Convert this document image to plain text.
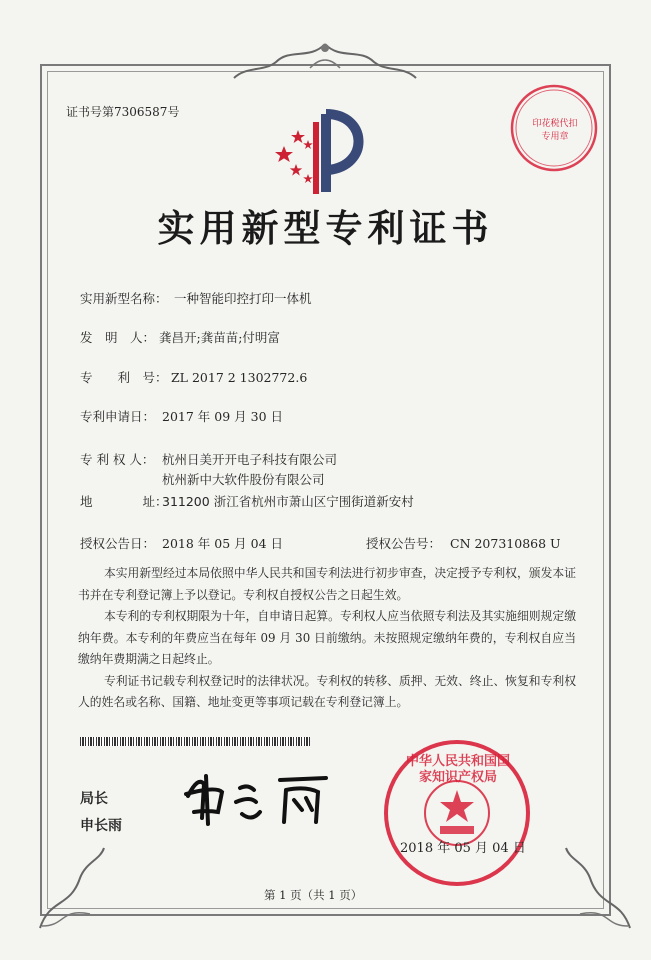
证书号第7306587号
印花税代扣专用章
实用新型专利证书
实用新型名称： 一种智能印控打印一体机
发　明　人： 龚昌开;龚苗苗;付明富
专　　利　号： ZL 2017 2 1302772.6
专利申请日： 2017 年 09 月 30 日
专 利 权 人： 杭州日美开开电子科技有限公司
杭州新中大软件股份有限公司
地　　　　址：
311200 浙江省杭州市萧山区宁围街道新安村
授权公告日： 2018 年 05 月 04 日	授权公告号： CN 207310868 U

本实用新型经过本局依照中华人民共和国专利法进行初步审查，决定授予专利权，颁发本证书并在专利登记簿上予以登记。专利权自授权公告之日起生效。

本专利的专利权期限为十年，自申请日起算。专利权人应当依照专利法及其实施细则规定缴纳年费。本专利的年费应当在每年 09 月 30 日前缴纳。未按照规定缴纳年费的，专利权自应当缴纳年费期满之日起终止。

专利证书记载专利权登记时的法律状况。专利权的转移、质押、无效、终止、恢复和专利权人的姓名或名称、国籍、地址变更等事项记载在专利登记簿上。

局长
申长雨
中华人民共和国国家知识产权局
2018 年 05 月 04 日
第 1 页（共 1 页）
